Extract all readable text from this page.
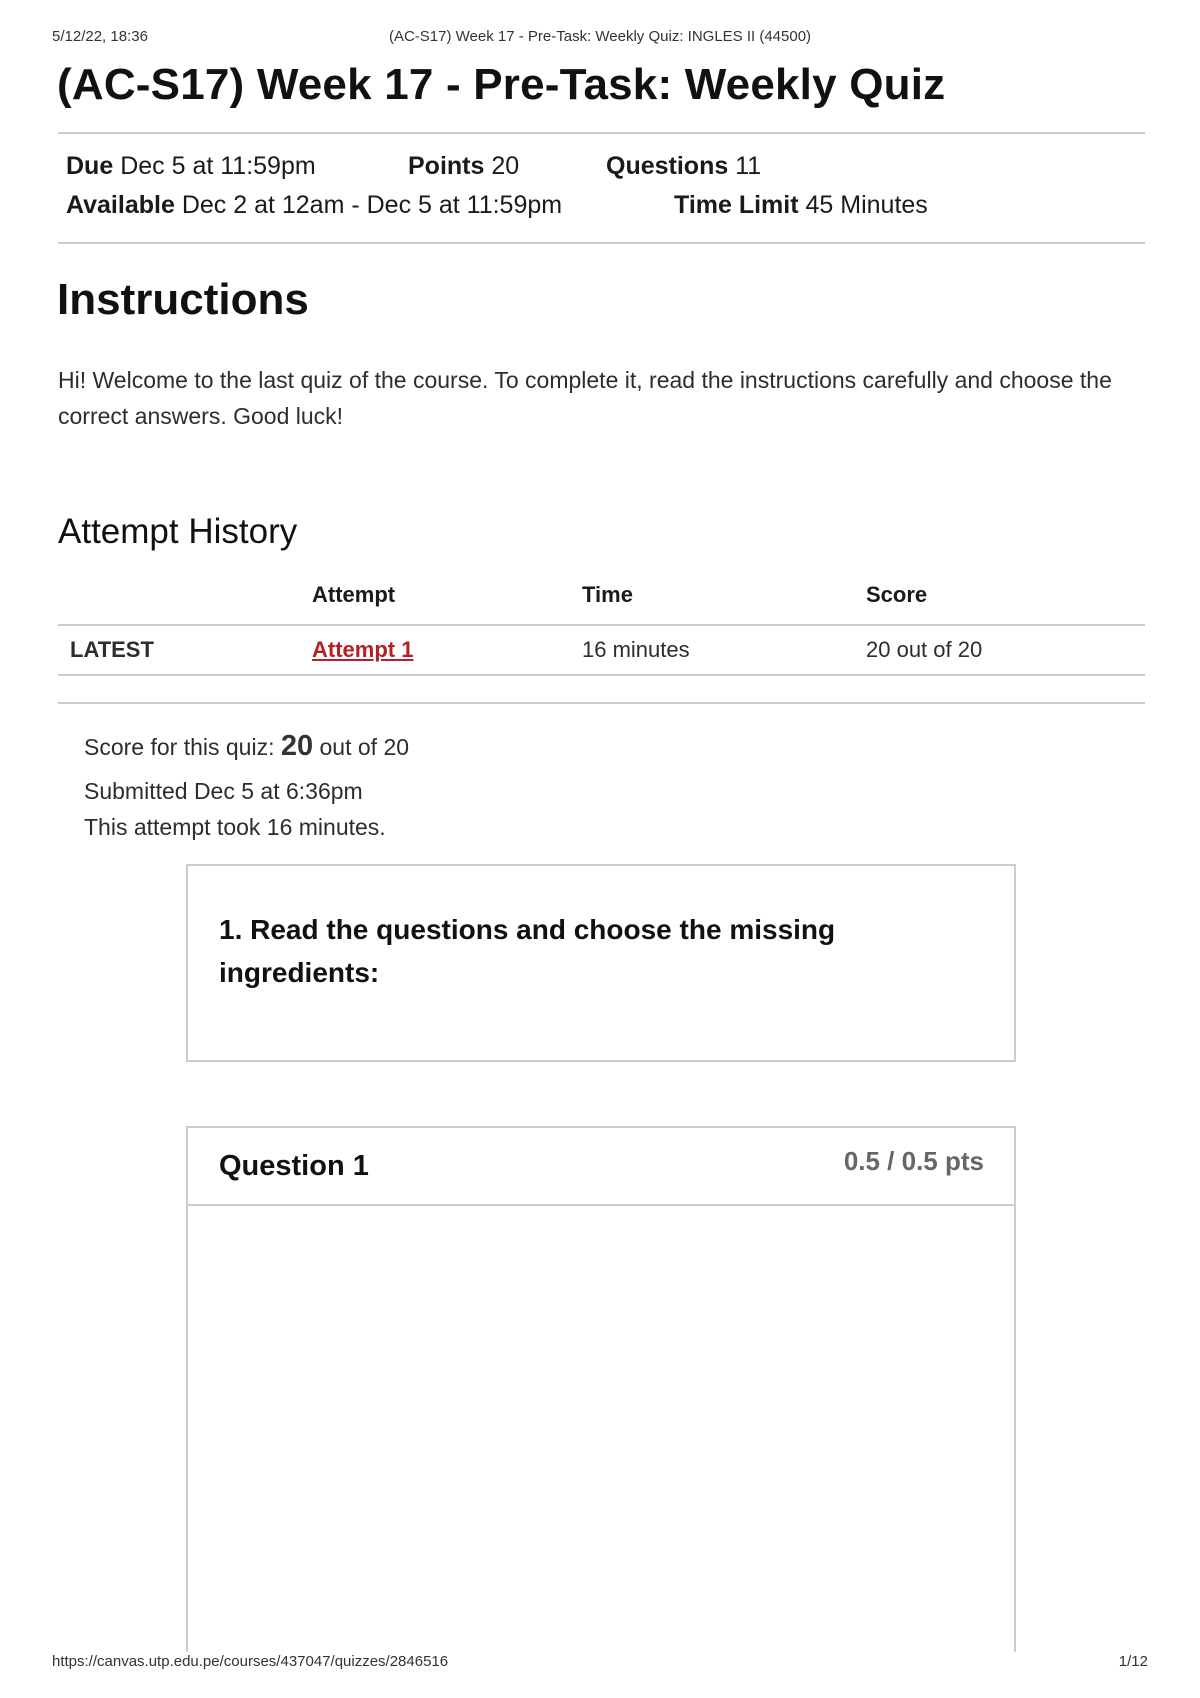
5/12/22, 18:36	(AC-S17) Week 17 - Pre-Task: Weekly Quiz: INGLES II (44500)
(AC-S17) Week 17 - Pre-Task: Weekly Quiz
Due Dec 5 at 11:59pm	Points 20	Questions 11
Available Dec 2 at 12am - Dec 5 at 11:59pm	Time Limit 45 Minutes
Instructions

Hi! Welcome to the last quiz of the course. To complete it, read the instructions carefully and choose the correct answers. Good luck!

Attempt History
	Attempt	Time	Score
LATEST	Attempt 1	16 minutes	20 out of 20
Score for this quiz: 20 out of 20
Submitted Dec 5 at 6:36pm
This attempt took 16 minutes.

1. Read the questions and choose the missing ingredients:

Question 1	0.5 / 0.5 pts
https://canvas.utp.edu.pe/courses/437047/quizzes/2846516	1/12
